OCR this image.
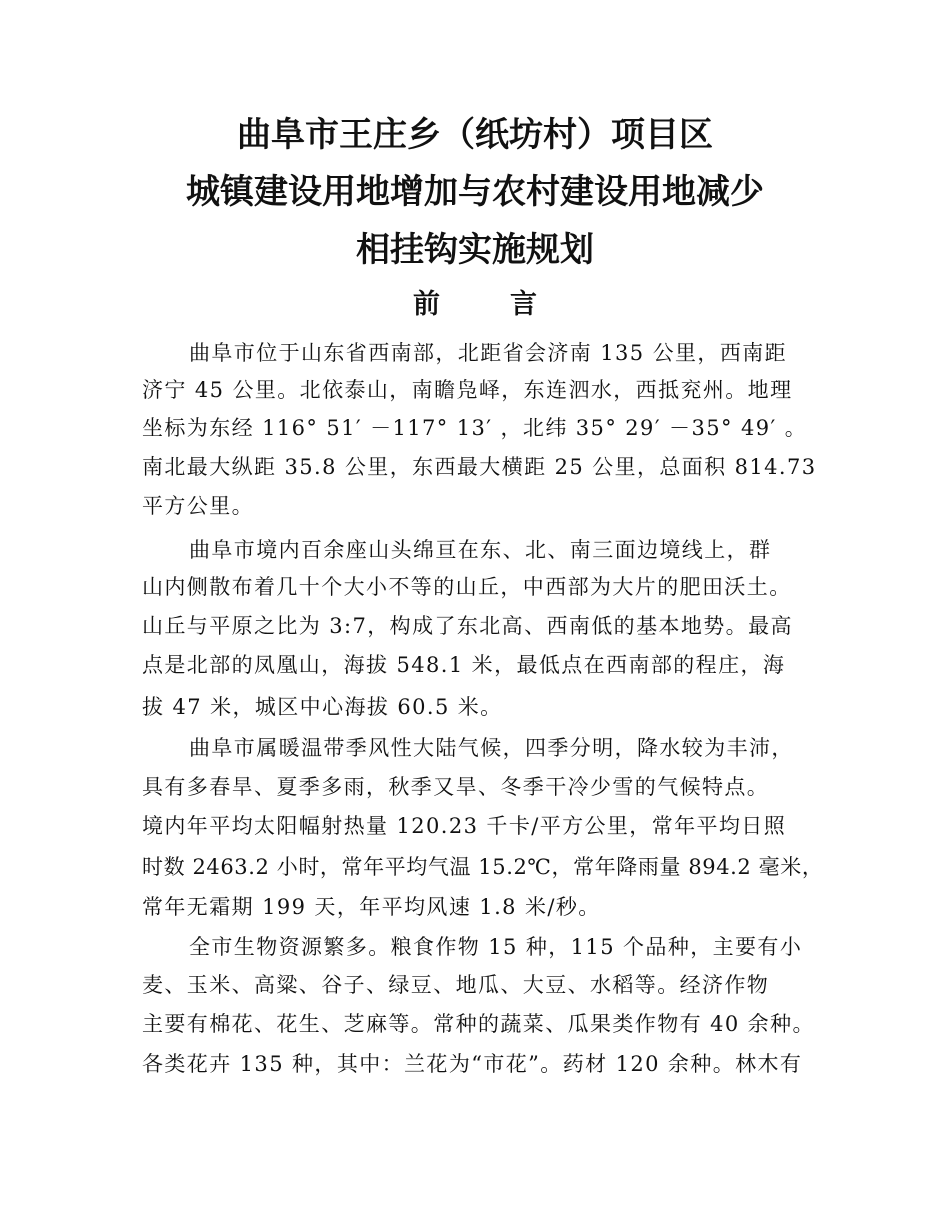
曲阜市王庄乡（纸坊村）项目区
城镇建设用地增加与农村建设用地减少
相挂钩实施规划
前言
曲阜市位于山东省西南部，北距省会济南 135 公里，西南距
济宁 45 公里。北依泰山，南瞻凫峄，东连泗水，西抵兖州。地理
坐标为东经 116° 51′ －117° 13′ ，北纬 35° 29′ －35° 49′ 。
南北最大纵距 35.8 公里，东西最大横距 25 公里，总面积 814.73
平方公里。
曲阜市境内百余座山头绵亘在东、北、南三面边境线上，群
山内侧散布着几十个大小不等的山丘，中西部为大片的肥田沃土。
山丘与平原之比为 3:7，构成了东北高、西南低的基本地势。最高
点是北部的凤凰山，海拔 548.1 米，最低点在西南部的程庄，海
拔 47 米，城区中心海拔 60.5 米。
曲阜市属暖温带季风性大陆气候，四季分明，降水较为丰沛，
具有多春旱、夏季多雨，秋季又旱、冬季干冷少雪的气候特点。
境内年平均太阳幅射热量 120.23 千卡/平方公里，常年平均日照
时数 2463.2 小时，常年平均气温 15.2℃，常年降雨量 894.2 毫米，
常年无霜期 199 天，年平均风速 1.8 米/秒。
全市生物资源繁多。粮食作物 15 种，115 个品种，主要有小
麦、玉米、高粱、谷子、绿豆、地瓜、大豆、水稻等。经济作物
主要有棉花、花生、芝麻等。常种的蔬菜、瓜果类作物有 40 余种。
各类花卉 135 种，其中：兰花为“市花”。药材 120 余种。林木有
